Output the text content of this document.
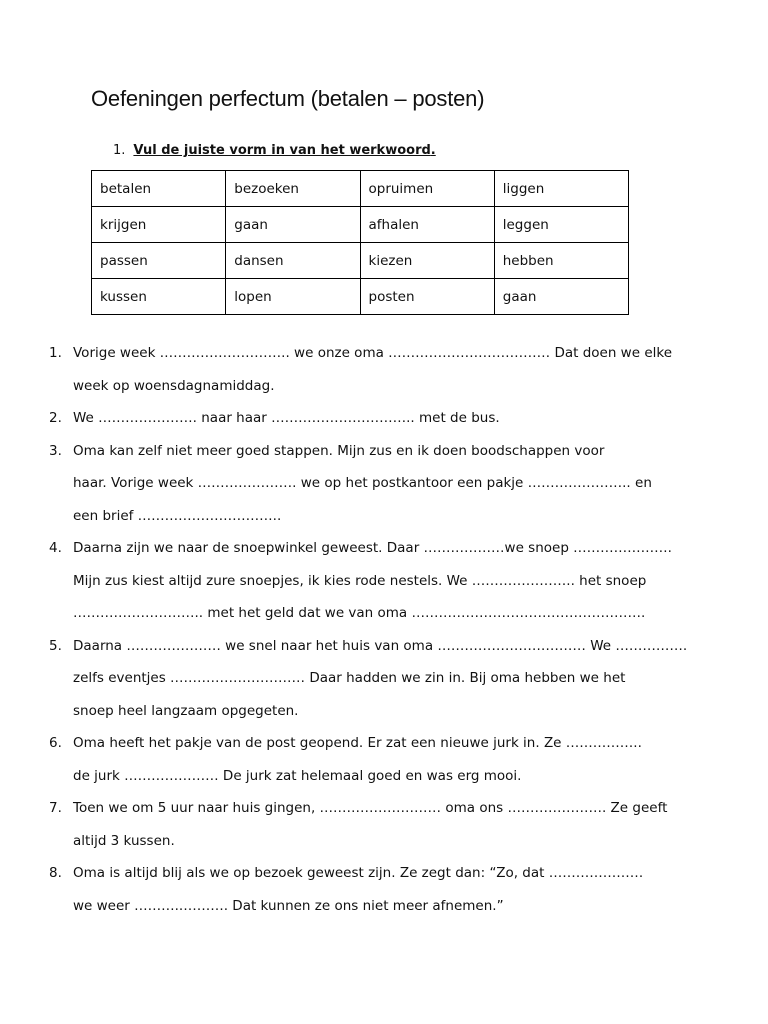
Oefeningen perfectum (betalen – posten)
1. Vul de juiste vorm in van het werkwoord.
betalen	bezoeken	opruimen	liggen
krijgen	gaan	afhalen	leggen
passen	dansen	kiezen	hebben
kussen	lopen	posten	gaan
1. Vorige week ……………………….. we onze oma ……………………………… Dat doen we elke
week op woensdagnamiddag.
2. We …………………. naar haar ………………………….. met de bus.
3. Oma kan zelf niet meer goed stappen. Mijn zus en ik doen boodschappen voor
haar. Vorige week …………………. we op het postkantoor een pakje ………………….. en
een brief …………………………..
4. Daarna zijn we naar de snoepwinkel geweest. Daar ………………we snoep ………………….
Mijn zus kiest altijd zure snoepjes, ik kies rode nestels. We ………………….. het snoep
……………………….. met het geld dat we van oma …………………………………………….
5. Daarna ………………… we snel naar het huis van oma …………………………… We …………….
zelfs eventjes ………………………… Daar hadden we zin in. Bij oma hebben we het
snoep heel langzaam opgegeten.
6. Oma heeft het pakje van de post geopend. Er zat een nieuwe jurk in. Ze ……………..
de jurk ………………… De jurk zat helemaal goed en was erg mooi.
7. Toen we om 5 uur naar huis gingen, ……………………… oma ons …………………. Ze geeft
altijd 3 kussen.
8. Oma is altijd blij als we op bezoek geweest zijn. Ze zegt dan: “Zo, dat …………………
we weer ………..………. Dat kunnen ze ons niet meer afnemen.”
